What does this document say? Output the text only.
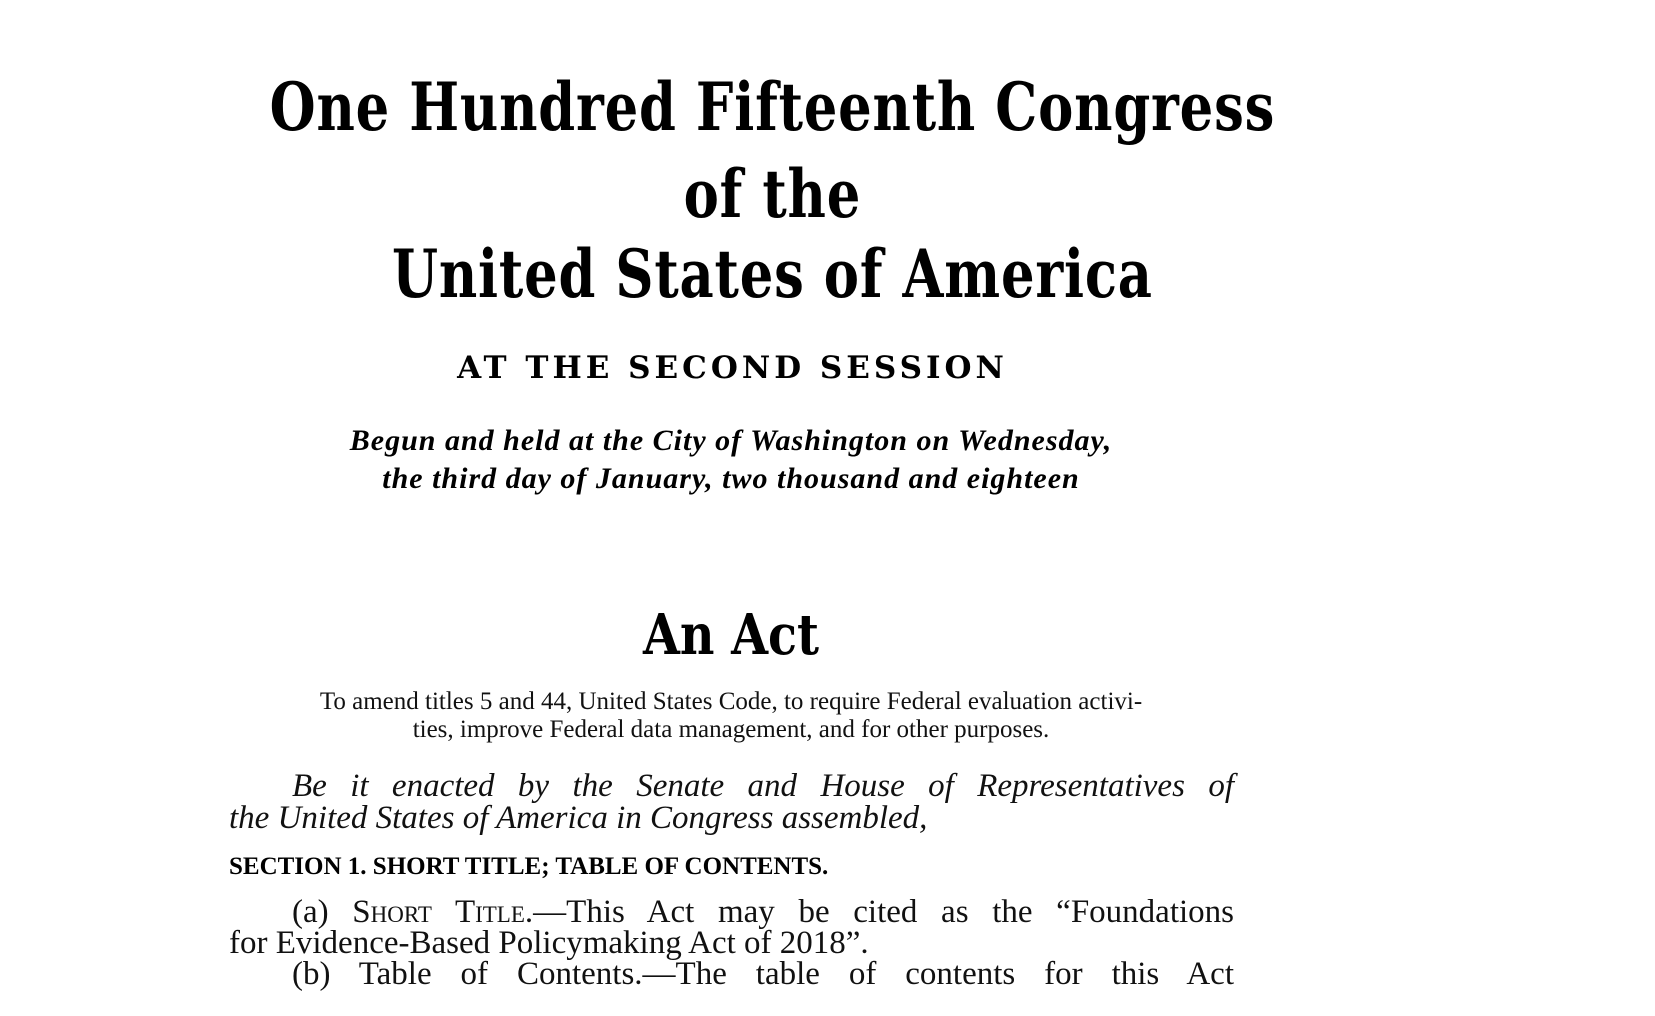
One Hundred Fifteenth Congress
of the
United States of America
AT THE SECOND SESSION
Begun and held at the City of Washington on Wednesday,
the third day of January, two thousand and eighteen
An Act
To amend titles 5 and 44, United States Code, to require Federal evaluation activi-
ties, improve Federal data management, and for other purposes.
Be it enacted by the Senate and House of Representatives of
the United States of America in Congress assembled,
SECTION 1. SHORT TITLE; TABLE OF CONTENTS.
(a) Short Title.—This Act may be cited as the “Foundations
for Evidence-Based Policymaking Act of 2018”.
(b) Table of Contents.—The table of contents for this Act
